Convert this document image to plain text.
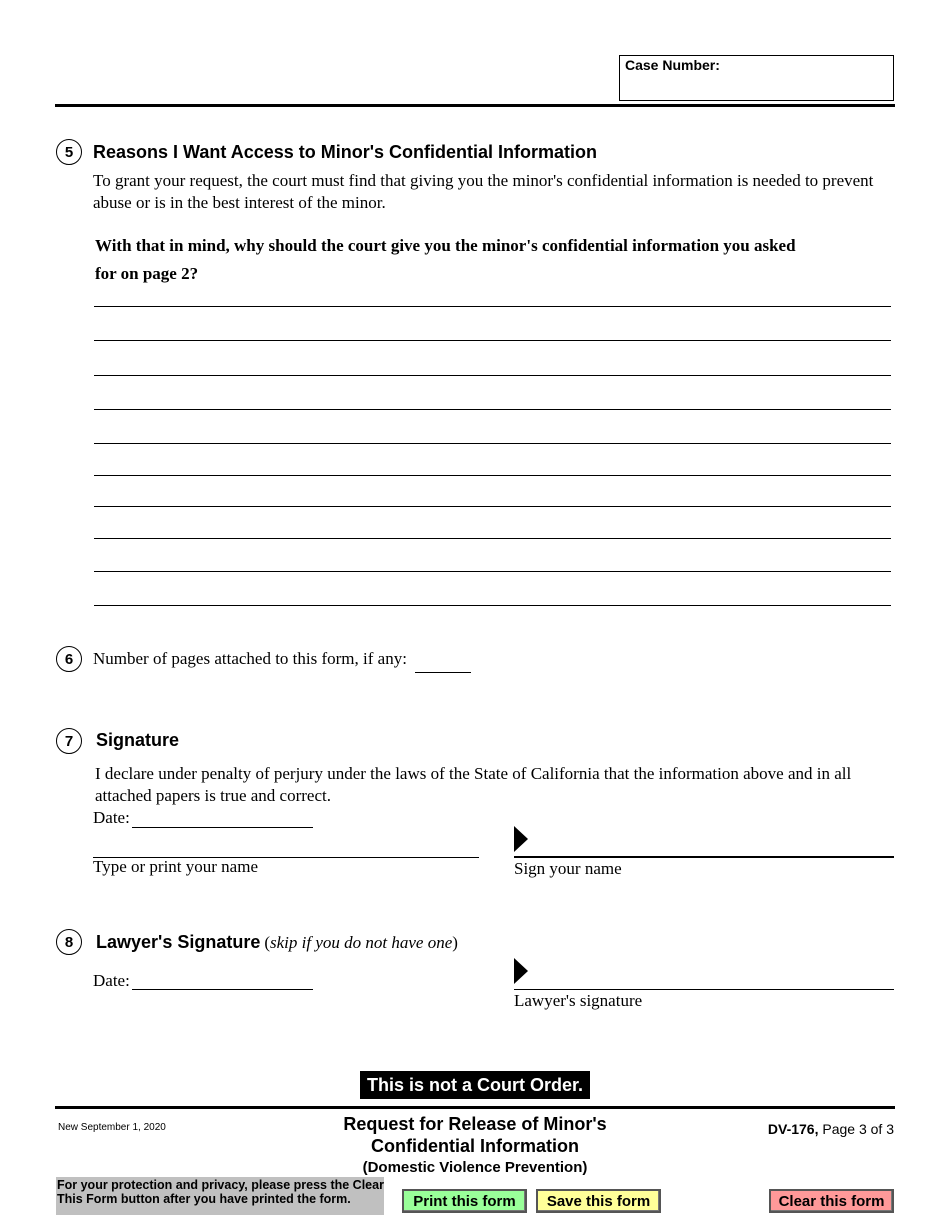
Case Number:
5	Reasons I Want Access to Minor's Confidential Information
To grant your request, the court must find that giving you the minor's confidential information is needed to prevent abuse or is in the best interest of the minor.
With that in mind, why should the court give you the minor's confidential information you asked for on page 2?
6	Number of pages attached to this form, if any:
7	Signature
I declare under penalty of perjury under the laws of the State of California that the information above and in all attached papers is true and correct.
Date:
Type or print your name	Sign your name
8	Lawyer's Signature (skip if you do not have one)
Date:
Lawyer's signature
This is not a Court Order.
New September 1, 2020	Request for Release of Minor's
Confidential Information
(Domestic Violence Prevention)
DV-176, Page 3 of 3
For your protection and privacy, please press the Clear This Form button after you have printed the form.	Print this form	Save this form	Clear this form
